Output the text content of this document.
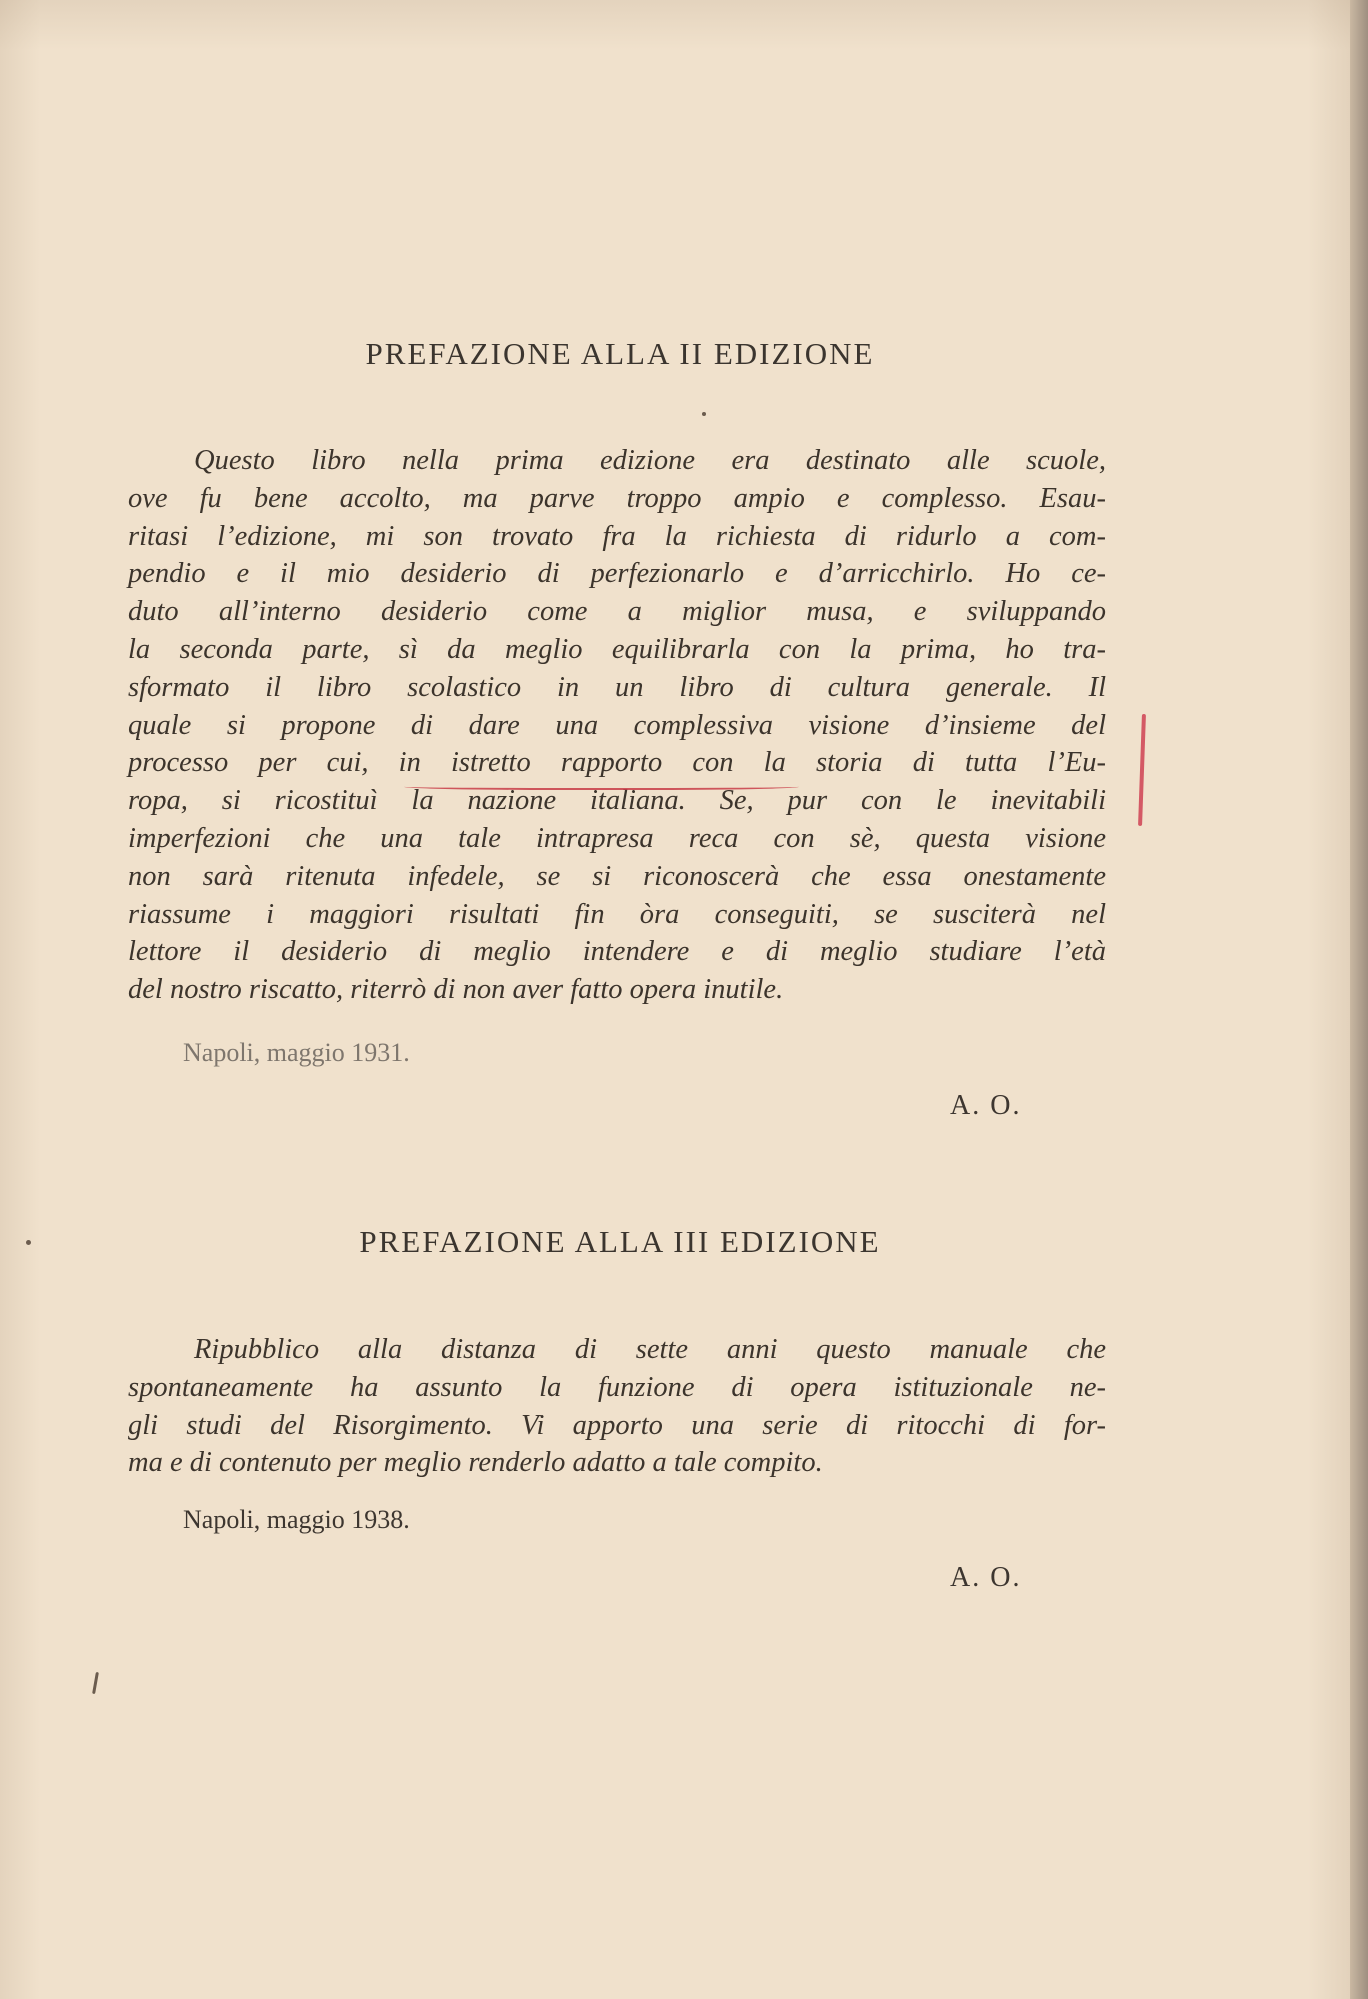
PREFAZIONE ALLA II EDIZIONE
Questo libro nella prima edizione era destinato alle scuole,
ove fu bene accolto, ma parve troppo ampio e complesso. Esau-
ritasi l’edizione, mi son trovato fra la richiesta di ridurlo a com-
pendio e il mio desiderio di perfezionarlo e d’arricchirlo. Ho ce-
duto all’interno desiderio come a miglior musa, e sviluppando
la seconda parte, sì da meglio equilibrarla con la prima, ho tra-
sformato il libro scolastico in un libro di cultura generale. Il
quale si propone di dare una complessiva visione d’insieme del
processo per cui, in istretto rapporto con la storia di tutta l’Eu-
ropa, si ricostituì la nazione italiana. Se, pur con le inevitabili
imperfezioni che una tale intrapresa reca con sè, questa visione
non sarà ritenuta infedele, se si riconoscerà che essa onestamente
riassume i maggiori risultati fin òra conseguiti, se susciterà nel
lettore il desiderio di meglio intendere e di meglio studiare l’età
del nostro riscatto, riterrò di non aver fatto opera inutile.
Napoli, maggio 1931.
A. O.
PREFAZIONE ALLA III EDIZIONE
Ripubblico alla distanza di sette anni questo manuale che
spontaneamente ha assunto la funzione di opera istituzionale ne-
gli studi del Risorgimento. Vi apporto una serie di ritocchi di for-
ma e di contenuto per meglio renderlo adatto a tale compito.
Napoli, maggio 1938.
A. O.
